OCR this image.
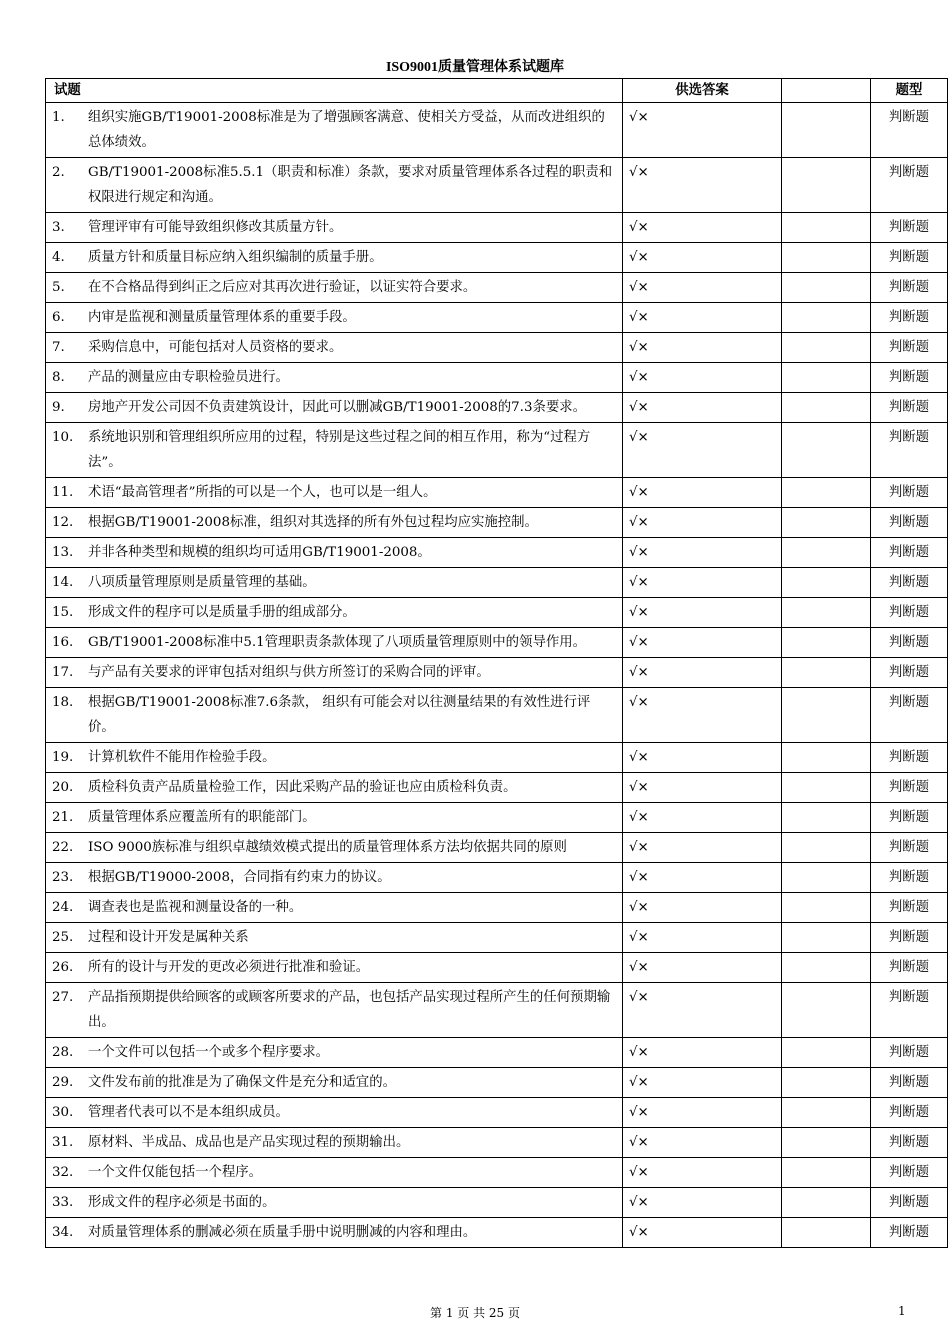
ISO9001质量管理体系试题库
试题	供选答案		题型

1. 组织实施GB/T19001-2008标准是为了增强顾客满意、使相关方受益，从而改进组织的总体绩效。	√×		判断题

2. GB/T19001-2008标准5.5.1（职责和标准）条款，要求对质量管理体系各过程的职责和权限进行规定和沟通。	√×		判断题

3. 管理评审有可能导致组织修改其质量方针。	√×		判断题

4. 质量方针和质量目标应纳入组织编制的质量手册。	√×		判断题

5. 在不合格品得到纠正之后应对其再次进行验证，以证实符合要求。	√×		判断题

6. 内审是监视和测量质量管理体系的重要手段。	√×		判断题

7. 采购信息中，可能包括对人员资格的要求。	√×		判断题

8. 产品的测量应由专职检验员进行。	√×		判断题

9. 房地产开发公司因不负责建筑设计，因此可以删减GB/T19001-2008的7.3条要求。	√×		判断题

10. 系统地识别和管理组织所应用的过程，特别是这些过程之间的相互作用，称为“过程方法”。	√×		判断题

11. 术语“最高管理者”所指的可以是一个人，也可以是一组人。	√×		判断题

12. 根据GB/T19001-2008标准，组织对其选择的所有外包过程均应实施控制。	√×		判断题

13. 并非各种类型和规模的组织均可适用GB/T19001-2008。	√×		判断题

14. 八项质量管理原则是质量管理的基础。	√×		判断题

15. 形成文件的程序可以是质量手册的组成部分。	√×		判断题

16. GB/T19001-2008标准中5.1管理职责条款体现了八项质量管理原则中的领导作用。	√×		判断题

17. 与产品有关要求的评审包括对组织与供方所签订的采购合同的评审。	√×		判断题

18. 根据GB/T19001-2008标准7.6条款， 组织有可能会对以往测量结果的有效性进行评价。	√×		判断题

19. 计算机软件不能用作检验手段。	√×		判断题

20. 质检科负责产品质量检验工作，因此采购产品的验证也应由质检科负责。	√×		判断题

21. 质量管理体系应覆盖所有的职能部门。	√×		判断题

22. ISO 9000族标准与组织卓越绩效模式提出的质量管理体系方法均依据共同的原则	√×		判断题

23. 根据GB/T19000-2008，合同指有约束力的协议。	√×		判断题

24. 调查表也是监视和测量设备的一种。	√×		判断题

25. 过程和设计开发是属种关系	√×		判断题

26. 所有的设计与开发的更改必须进行批准和验证。	√×		判断题

27. 产品指预期提供给顾客的或顾客所要求的产品，也包括产品实现过程所产生的任何预期输出。	√×		判断题

28. 一个文件可以包括一个或多个程序要求。	√×		判断题

29. 文件发布前的批准是为了确保文件是充分和适宜的。	√×		判断题

30. 管理者代表可以不是本组织成员。	√×		判断题

31. 原材料、半成品、成品也是产品实现过程的预期输出。	√×		判断题

32. 一个文件仅能包括一个程序。	√×		判断题

33. 形成文件的程序必须是书面的。	√×		判断题

34. 对质量管理体系的删减必须在质量手册中说明删减的内容和理由。	√×		判断题
第 1 页 共 25 页	1
